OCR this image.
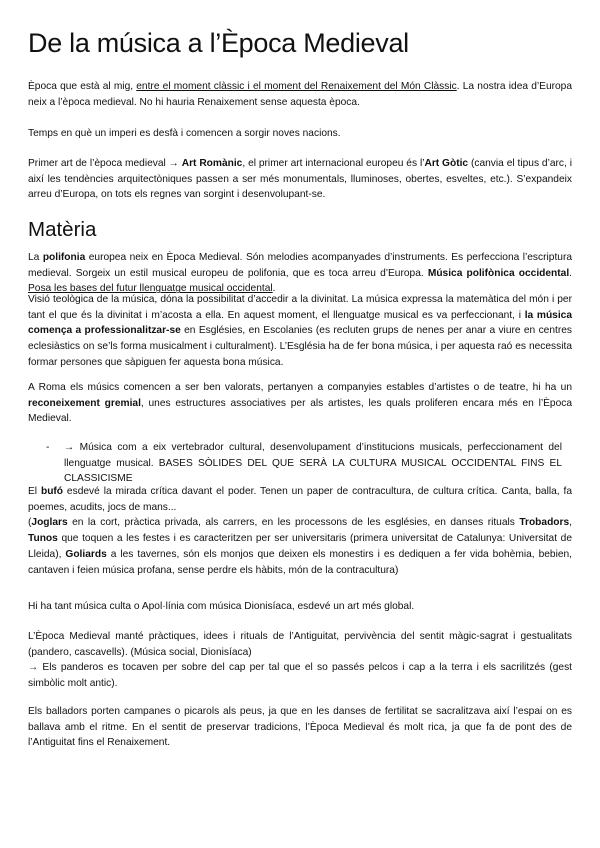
De la música a l’Època Medieval

Època que està al mig, entre el moment clàssic i el moment del Renaixement del Món Clàssic. La nostra idea d’Europa neix a l’època medieval. No hi hauria Renaixement sense aquesta època.

Temps en què un imperi es desfà i comencen a sorgir noves nacions.

Primer art de l’època medieval → Art Romànic, el primer art internacional europeu és l’Art Gòtic (canvia el tipus d’arc, i així les tendències arquitectòniques passen a ser més monumentals, lluminoses, obertes, esveltes, etc.). S’expandeix arreu d’Europa, on tots els regnes van sorgint i desenvolupant-se.

Matèria

La polifonia europea neix en Època Medieval. Són melodies acompanyades d’instruments. Es perfecciona l’escriptura medieval. Sorgeix un estil musical europeu de polifonia, que es toca arreu d’Europa. Música polifònica occidental. Posa les bases del futur llenguatge musical occidental.

Visió teològica de la música, dóna la possibilitat d’accedir a la divinitat. La música expressa la matemàtica del món i per tant el que és la divinitat i m’acosta a ella. En aquest moment, el llenguatge musical es va perfeccionant, i la música comença a professionalitzar-se en Esglésies, en Escolanies (es recluten grups de nenes per anar a viure en centres eclesiàstics on se’ls forma musicalment i culturalment). L’Església ha de fer bona música, i per aquesta raó es necessita formar persones que sàpiguen fer aquesta bona música.

A Roma els músics comencen a ser ben valorats, pertanyen a companyies estables d’artistes o de teatre, hi ha un reconeixement gremial, unes estructures associatives per als artistes, les quals proliferen encara més en l’Època Medieval.

- → Música com a eix vertebrador cultural, desenvolupament d’institucions musicals, perfeccionament del llenguatge musical. BASES SÒLIDES DEL QUE SERÀ LA CULTURA MUSICAL OCCIDENTAL FINS EL CLASSICISME

El bufó esdevé la mirada crítica davant el poder. Tenen un paper de contracultura, de cultura crítica. Canta, balla, fa poemes, acudits, jocs de mans...
(Joglars en la cort, pràctica privada, als carrers, en les processons de les esglésies, en danses rituals Trobadors, Tunos que toquen a les festes i es caracteritzen per ser universitaris (primera universitat de Catalunya: Universitat de Lleida), Goliards a les tavernes, són els monjos que deixen els monestirs i es dediquen a fer vida bohèmia, bebien, cantaven i feien música profana, sense perdre els hàbits, món de la contracultura)

Hi ha tant música culta o Apol·línia com música Dionisíaca, esdevé un art més global.

L’Època Medieval manté pràctiques, idees i rituals de l’Antiguitat, pervivència del sentit màgic-sagrat i gestualitats (pandero, cascavells). (Música social, Dionisíaca)
→ Els panderos es tocaven per sobre del cap per tal que el so passés pelcos i cap a la terra i els sacrilitzés (gest simbòlic molt antic).

Els balladors porten campanes o picarols als peus, ja que en les danses de fertilitat se sacralitzava així l’espai on es ballava amb el ritme. En el sentit de preservar tradicions, l’Època Medieval és molt rica, ja que fa de pont des de l’Antiguitat fins el Renaixement.
